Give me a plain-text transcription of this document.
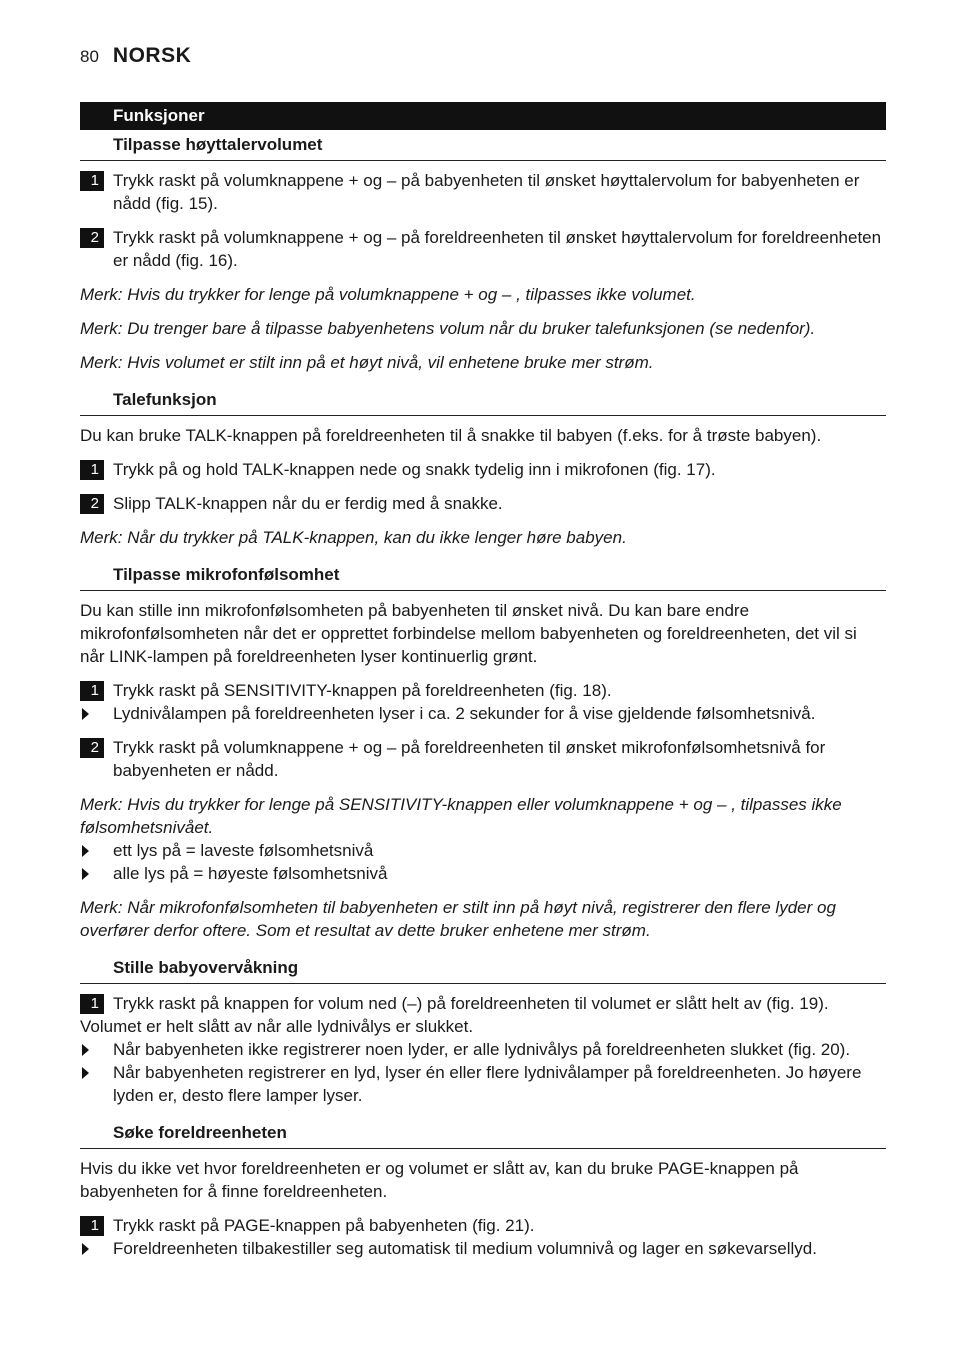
80 NORSK
Funksjoner
Tilpasse høyttalervolumet
1 Trykk raskt på volumknappene + og – på babyenheten til ønsket høyttalervolum for babyenheten er nådd (fig. 15).
2 Trykk raskt på volumknappene + og – på foreldreenheten til ønsket høyttalervolum for foreldreenheten er nådd (fig. 16).
Merk: Hvis du trykker for lenge på volumknappene + og – , tilpasses ikke volumet.
Merk: Du trenger bare å tilpasse babyenhetens volum når du bruker talefunksjonen (se nedenfor).
Merk: Hvis volumet er stilt inn på et høyt nivå, vil enhetene bruke mer strøm.
Talefunksjon
Du kan bruke TALK-knappen på foreldreenheten til å snakke til babyen (f.eks. for å trøste babyen).
1 Trykk på og hold TALK-knappen nede og snakk tydelig inn i mikrofonen (fig. 17).
2 Slipp TALK-knappen når du er ferdig med å snakke.
Merk: Når du trykker på TALK-knappen, kan du ikke lenger høre babyen.
Tilpasse mikrofonfølsomhet
Du kan stille inn mikrofonfølsomheten på babyenheten til ønsket nivå. Du kan bare endre mikrofonfølsomheten når det er opprettet forbindelse mellom babyenheten og foreldreenheten, det vil si når LINK-lampen på foreldreenheten lyser kontinuerlig grønt.
1 Trykk raskt på SENSITIVITY-knappen på foreldreenheten (fig. 18).
Lydnivålampen på foreldreenheten lyser i ca. 2 sekunder for å vise gjeldende følsomhetsnivå.
2 Trykk raskt på volumknappene + og – på foreldreenheten til ønsket mikrofonfølsomhetsnivå for babyenheten er nådd.
Merk: Hvis du trykker for lenge på SENSITIVITY-knappen eller volumknappene + og – , tilpasses ikke følsomhetsnivået.
ett lys på = laveste følsomhetsnivå
alle lys på = høyeste følsomhetsnivå
Merk: Når mikrofonfølsomheten til babyenheten er stilt inn på høyt nivå, registrerer den flere lyder og overfører derfor oftere. Som et resultat av dette bruker enhetene mer strøm.
Stille babyovervåkning
1 Trykk raskt på knappen for volum ned (–) på foreldreenheten til volumet er slått helt av (fig. 19).
Volumet er helt slått av når alle lydnivålys er slukket.
Når babyenheten ikke registrerer noen lyder, er alle lydnivålys på foreldreenheten slukket (fig. 20).
Når babyenheten registrerer en lyd, lyser én eller flere lydnivålamper på foreldreenheten. Jo høyere lyden er, desto flere lamper lyser.
Søke foreldreenheten
Hvis du ikke vet hvor foreldreenheten er og volumet er slått av, kan du bruke PAGE-knappen på babyenheten for å finne foreldreenheten.
1 Trykk raskt på PAGE-knappen på babyenheten (fig. 21).
Foreldreenheten tilbakestiller seg automatisk til medium volumnivå og lager en søkevarsellyd.
